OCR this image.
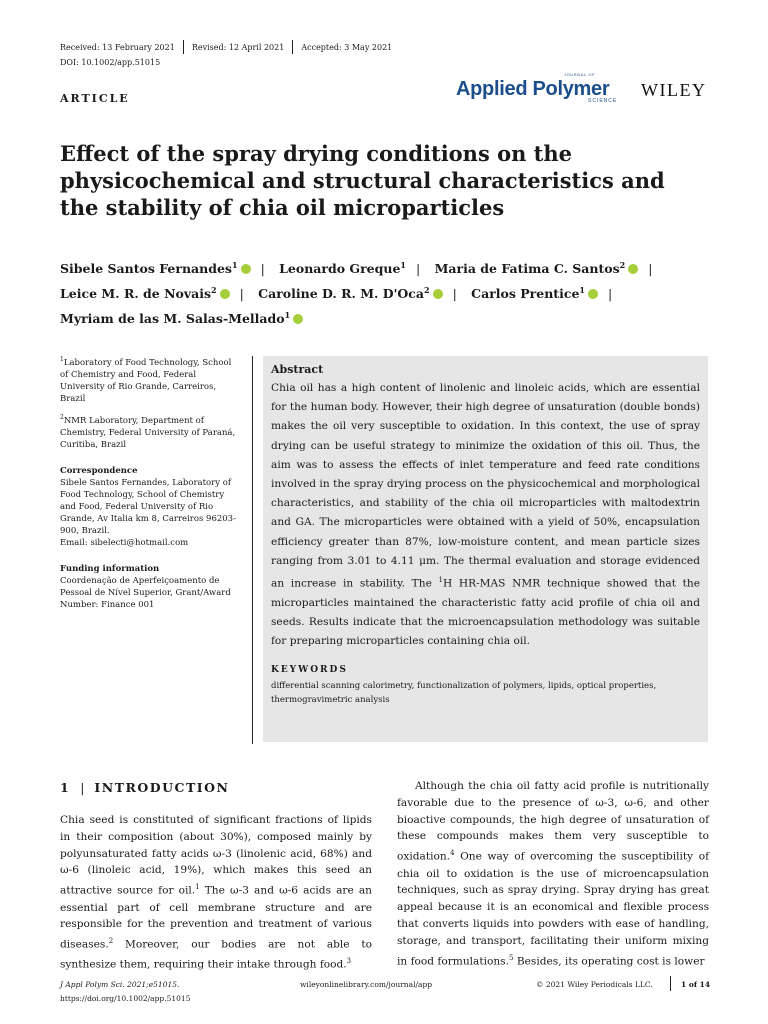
Received: 13 February 2021 Revised: 12 April 2021 Accepted: 3 May 2021
DOI: 10.1002/app.51015
ARTICLE
JOURNAL OF
Applied Polymer
SCIENCE
WILEY
Effect of the spray drying conditions on the physicochemical and structural characteristics and the stability of chia oil microparticles
Sibele Santos Fernandes$^1$ | Leonardo Greque$^1$ | Maria de Fatima C. Santos$^2$ |
Leice M. R. de Novais$^2$ | Caroline D. R. M. D'Oca$^2$ | Carlos Prentice$^1$ |
Myriam de las M. Salas-Mellado$^1$

$^1$Laboratory of Food Technology, School of Chemistry and Food, Federal University of Rio Grande, Carreiros, Brazil

$^2$NMR Laboratory, Department of Chemistry, Federal University of Paraná, Curitiba, Brazil

Correspondence

Sibele Santos Fernandes, Laboratory of Food Technology, School of Chemistry and Food, Federal University of Rio Grande, Av Italia km 8, Carreiros 96203-900, Brazil.

Email: sibelecti@hotmail.com

Funding information

Coordenação de Aperfeiçoamento de Pessoal de Nível Superior, Grant/Award Number: Finance 001

Abstract
Chia oil has a high content of linolenic and linoleic acids, which are essential for the human body. However, their high degree of unsaturation (double bonds) makes the oil very susceptible to oxidation. In this context, the use of spray drying can be useful strategy to minimize the oxidation of this oil. Thus, the aim was to assess the effects of inlet temperature and feed rate conditions involved in the spray drying process on the physicochemical and morphological characteristics, and stability of the chia oil microparticles with maltodextrin and GA. The microparticles were obtained with a yield of 50%, encapsulation efficiency greater than 87%, low-moisture content, and mean particle sizes ranging from 3.01 to 4.11 μm. The thermal evaluation and storage evidenced an increase in stability. The $^1$H HR-MAS NMR technique showed that the microparticles maintained the characteristic fatty acid profile of chia oil and seeds. Results indicate that the microencapsulation methodology was suitable for preparing microparticles containing chia oil.
KEYWORDS
differential scanning calorimetry, functionalization of polymers, lipids, optical properties, thermogravimetric analysis
1 | INTRODUCTION
Chia seed is constituted of significant fractions of lipids in their composition (about 30%), composed mainly by polyunsaturated fatty acids ω-3 (linolenic acid, 68%) and ω-6 (linoleic acid, 19%), which makes this seed an attractive source for oil.$^1$ The ω-3 and ω-6 acids are an essential part of cell membrane structure and are responsible for the prevention and treatment of various diseases.$^2$ Moreover, our bodies are not able to synthesize them, requiring their intake through food.$^3$
Although the chia oil fatty acid profile is nutritionally favorable due to the presence of ω-3, ω-6, and other bioactive compounds, the high degree of unsaturation of these compounds makes them very susceptible to oxidation.$^4$ One way of overcoming the susceptibility of chia oil to oxidation is the use of microencapsulation techniques, such as spray drying. Spray drying has great appeal because it is an economical and flexible process that converts liquids into powders with ease of handling, storage, and transport, facilitating their uniform mixing in food formulations.$^5$ Besides, its operating cost is lower
J Appl Polym Sci. 2021;e51015.
https://doi.org/10.1002/app.51015
wileyonlinelibrary.com/journal/app	© 2021 Wiley Periodicals LLC.	1 of 14
